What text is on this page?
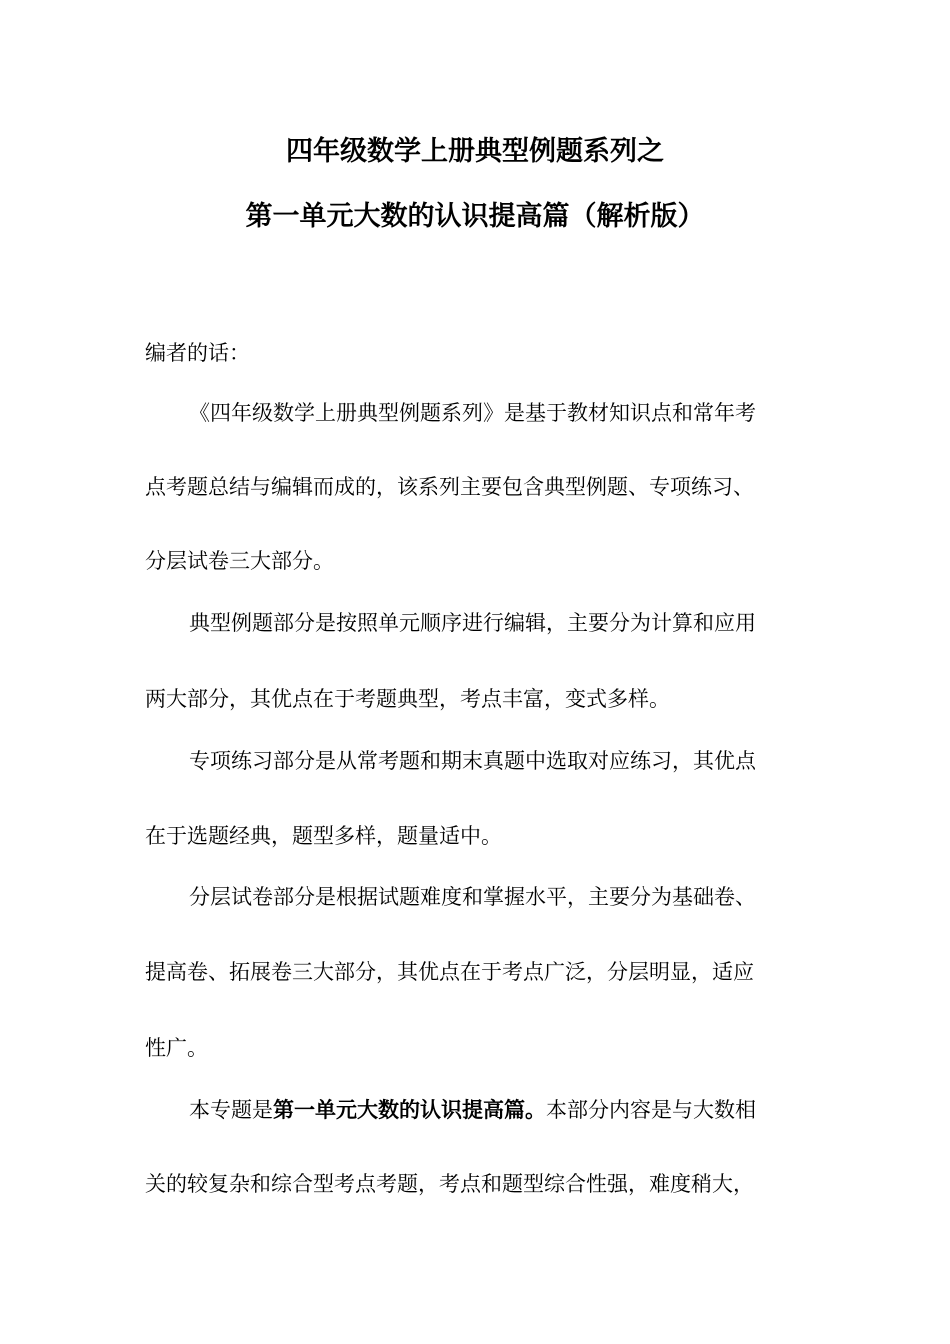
四年级数学上册典型例题系列之
第一单元大数的认识提高篇（解析版）
编者的话：
《四年级数学上册典型例题系列》是基于教材知识点和常年考
点考题总结与编辑而成的，该系列主要包含典型例题、专项练习、
分层试卷三大部分。
典型例题部分是按照单元顺序进行编辑，主要分为计算和应用
两大部分，其优点在于考题典型，考点丰富，变式多样。
专项练习部分是从常考题和期末真题中选取对应练习，其优点
在于选题经典，题型多样，题量适中。
分层试卷部分是根据试题难度和掌握水平，主要分为基础卷、
提高卷、拓展卷三大部分，其优点在于考点广泛，分层明显，适应
性广。
本专题是第一单元大数的认识提高篇。本部分内容是与大数相
关的较复杂和综合型考点考题，考点和题型综合性强，难度稍大，
